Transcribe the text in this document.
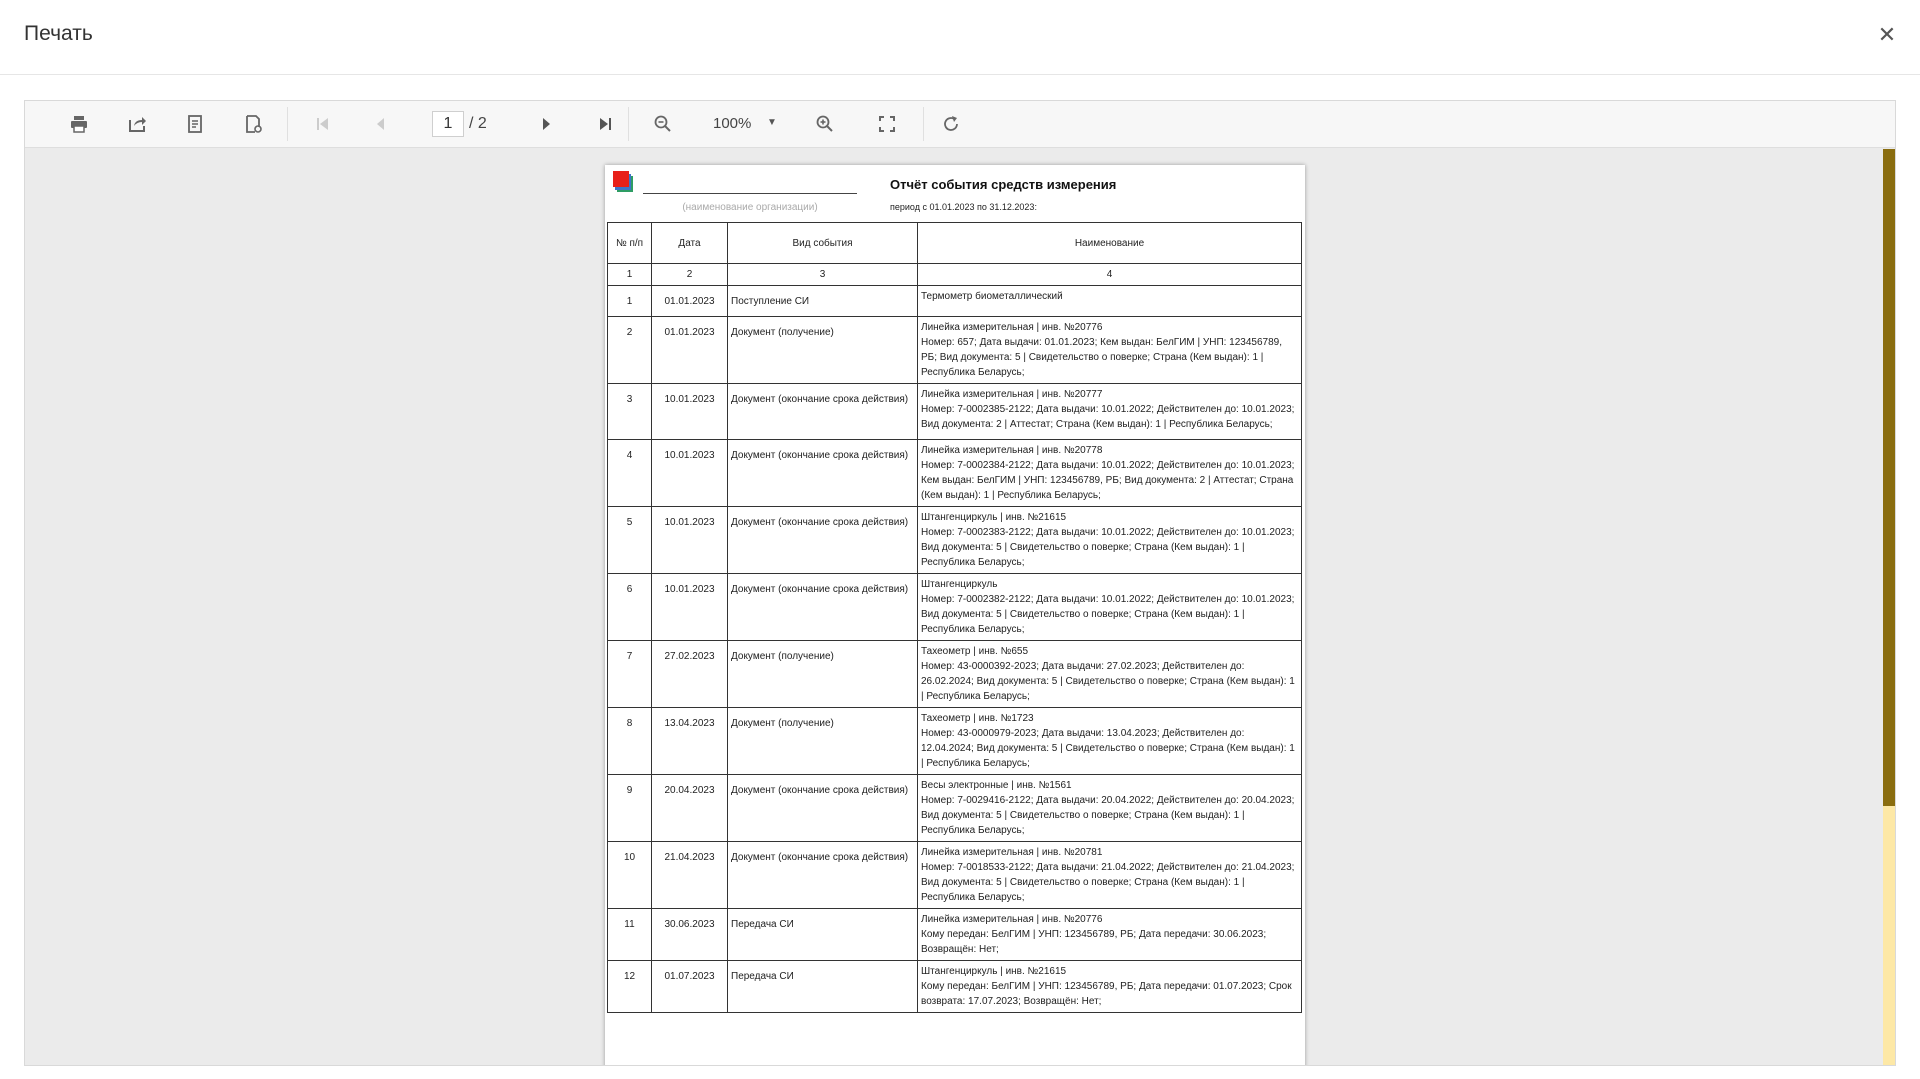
Печать	✕
1	/ 2	100% ▼
(наименование организации)
Отчёт события средств измерения
период с 01.01.2023 по 31.12.2023:
№ п/п	Дата	Вид события	Наименование
1	2	3	4
1	01.01.2023	Поступление СИ	Термометр биометаллический
2	01.01.2023	Документ (получение)	Линейка измерительная | инв. №20776
Номер: 657; Дата выдачи: 01.01.2023; Кем выдан: БелГИМ | УНП: 123456789, РБ; Вид документа: 5 | Свидетельство о поверке; Страна (Кем выдан): 1 | Республика Беларусь;
3	10.01.2023	Документ (окончание срока действия)	Линейка измерительная | инв. №20777
Номер: 7-0002385-2122; Дата выдачи: 10.01.2022; Действителен до: 10.01.2023; Вид документа: 2 | Аттестат; Страна (Кем выдан): 1 | Республика Беларусь;
4	10.01.2023	Документ (окончание срока действия)	Линейка измерительная | инв. №20778
Номер: 7-0002384-2122; Дата выдачи: 10.01.2022; Действителен до: 10.01.2023; Кем выдан: БелГИМ | УНП: 123456789, РБ; Вид документа: 2 | Аттестат; Страна (Кем выдан): 1 | Республика Беларусь;
5	10.01.2023	Документ (окончание срока действия)	Штангенциркуль | инв. №21615
Номер: 7-0002383-2122; Дата выдачи: 10.01.2022; Действителен до: 10.01.2023; Вид документа: 5 | Свидетельство о поверке; Страна (Кем выдан): 1 | Республика Беларусь;
6	10.01.2023	Документ (окончание срока действия)	Штангенциркуль
Номер: 7-0002382-2122; Дата выдачи: 10.01.2022; Действителен до: 10.01.2023; Вид документа: 5 | Свидетельство о поверке; Страна (Кем выдан): 1 | Республика Беларусь;
7	27.02.2023	Документ (получение)	Тахеометр | инв. №655
Номер: 43-0000392-2023; Дата выдачи: 27.02.2023; Действителен до: 26.02.2024; Вид документа: 5 | Свидетельство о поверке; Страна (Кем выдан): 1 | Республика Беларусь;
8	13.04.2023	Документ (получение)	Тахеометр | инв. №1723
Номер: 43-0000979-2023; Дата выдачи: 13.04.2023; Действителен до: 12.04.2024; Вид документа: 5 | Свидетельство о поверке; Страна (Кем выдан): 1 | Республика Беларусь;
9	20.04.2023	Документ (окончание срока действия)	Весы электронные | инв. №1561
Номер: 7-0029416-2122; Дата выдачи: 20.04.2022; Действителен до: 20.04.2023; Вид документа: 5 | Свидетельство о поверке; Страна (Кем выдан): 1 | Республика Беларусь;
10	21.04.2023	Документ (окончание срока действия)	Линейка измерительная | инв. №20781
Номер: 7-0018533-2122; Дата выдачи: 21.04.2022; Действителен до: 21.04.2023; Вид документа: 5 | Свидетельство о поверке; Страна (Кем выдан): 1 | Республика Беларусь;
11	30.06.2023	Передача СИ	Линейка измерительная | инв. №20776
Кому передан: БелГИМ | УНП: 123456789, РБ; Дата передачи: 30.06.2023; Возвращён: Нет;
12	01.07.2023	Передача СИ	Штангенциркуль | инв. №21615
Кому передан: БелГИМ | УНП: 123456789, РБ; Дата передачи: 01.07.2023; Срок возврата: 17.07.2023; Возвращён: Нет;
